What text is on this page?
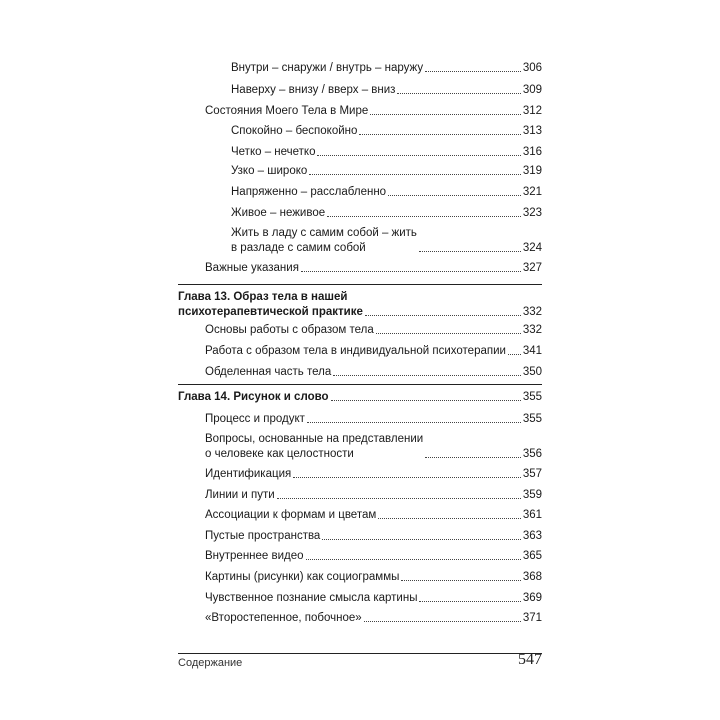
Внутри – снаружи / внутрь – наружу	306
Наверху – внизу / вверх – вниз	309
Состояния Моего Тела в Мире	312
Спокойно – беспокойно	313
Четко – нечетко	316
Узко – широко	319
Напряженно – расслабленно	321
Живое – неживое	323
Жить в ладу с самим собой – жить
в разладе с самим собой	324
Важные указания	327
Глава 13. Образ тела в нашей
психотерапевтической практике	332
Основы работы с образом тела	332
Работа с образом тела в индивидуальной психотерапии 341
Обделенная часть тела	350
Глава 14. Рисунок и слово	355
Процесс и продукт	355
Вопросы, основанные на представлении
о человеке как целостности	356
Идентификация	357
Линии и пути	359
Ассоциации к формам и цветам	361
Пустые пространства	363
Внутреннее видео	365
Картины (рисунки) как социограммы	368
Чувственное познание смысла картины	369
«Второстепенное, побочное»	371
Содержание	547
